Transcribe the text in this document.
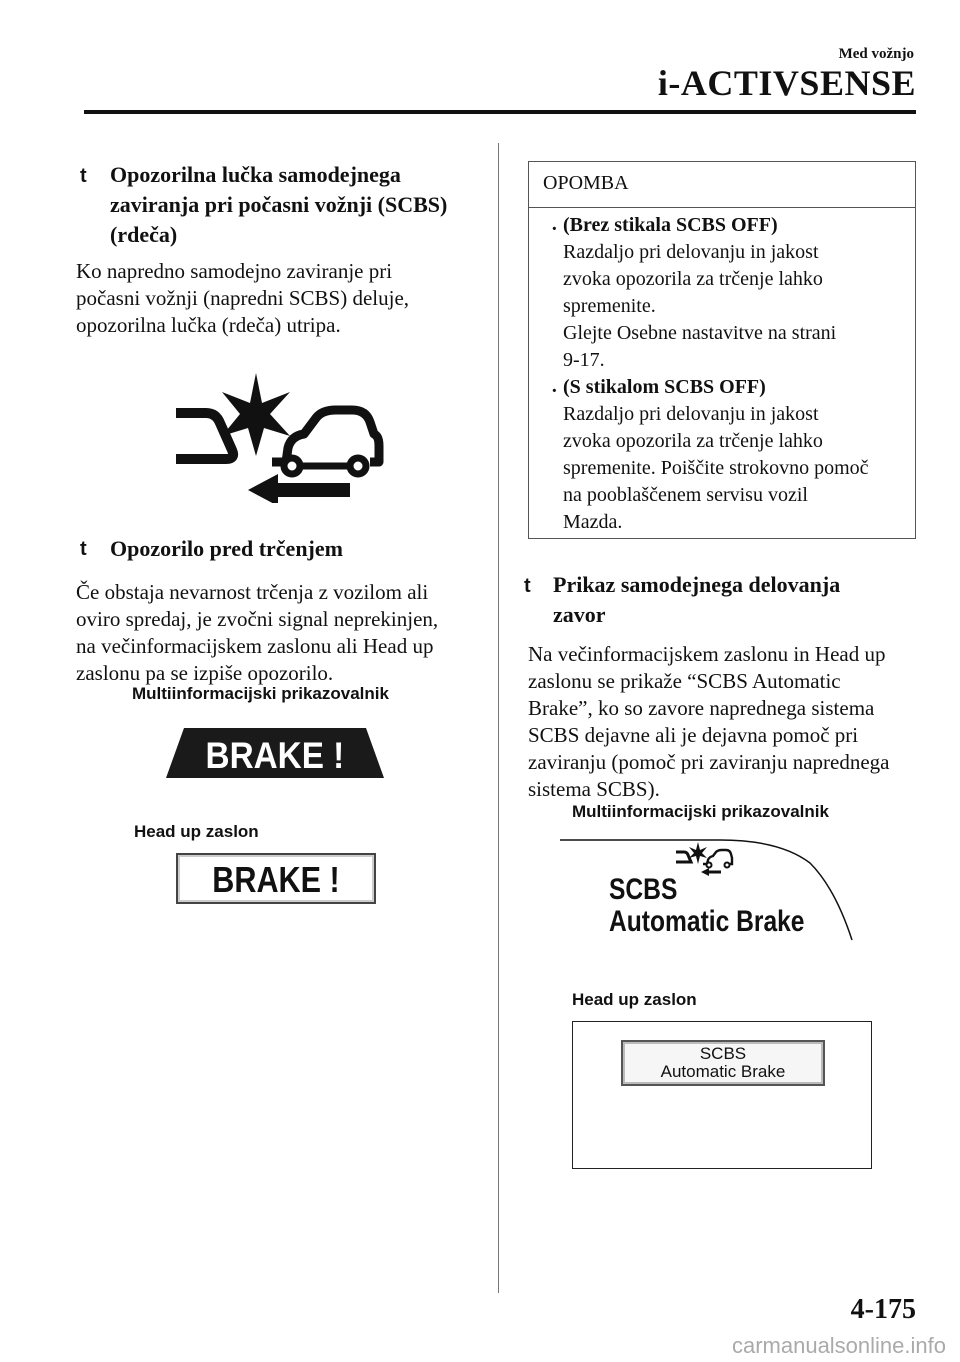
Med vožnjo
i-ACTIVSENSE
t Opozorilna lučka samodejnega
zaviranja pri počasni vožnji (SCBS)
(rdeča)
Ko napredno samodejno zaviranje pri
počasni vožnji (napredni SCBS) deluje,
opozorilna lučka (rdeča) utripa.
t Opozorilo pred trčenjem
Če obstaja nevarnost trčenja z vozilom ali
oviro spredaj, je zvočni signal neprekinjen,
na večinformacijskem zaslonu ali Head up
zaslonu pa se izpiše opozorilo.
Multiinformacijski prikazovalnik
BRAKE !
Head up zaslon
BRAKE !
OPOMBA
· (Brez stikala SCBS OFF)
Razdaljo pri delovanju in jakost
zvoka opozorila za trčenje lahko
spremenite.
Glejte Osebne nastavitve na strani
9-17.
· (S stikalom SCBS OFF)
Razdaljo pri delovanju in jakost
zvoka opozorila za trčenje lahko
spremenite. Poiščite strokovno pomoč
na pooblaščenem servisu vozil
Mazda.
t Prikaz samodejnega delovanja
zavor
Na večinformacijskem zaslonu in Head up
zaslonu se prikaže “SCBS Automatic
Brake”, ko so zavore naprednega sistema
SCBS dejavne ali je dejavna pomoč pri
zaviranju (pomoč pri zaviranju naprednega
sistema SCBS).
Multiinformacijski prikazovalnik
SCBS
Automatic Brake
Head up zaslon
SCBS
Automatic Brake
4-175
carmanualsonline.info
